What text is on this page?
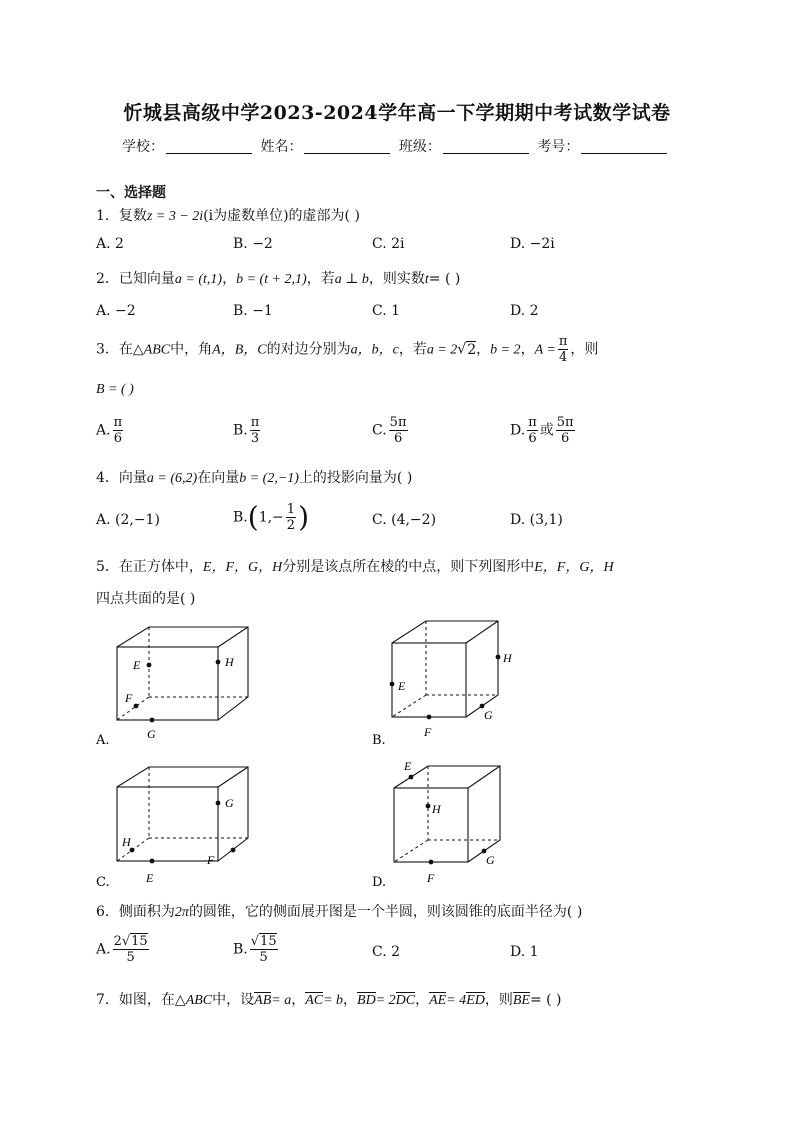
忻城县高级中学2023-2024学年高一下学期期中考试数学试卷
学校：	姓名：	班级：	考号：
一、选择题
1．复数z = 3 − 2i(i为虚数单位)的虚部为( )
A. 2	B. −2	C. 2i	D. −2i
2．已知向量a = (t,1)，b = (t + 2,1)，若a ⊥ b，则实数t= ( )
A. −2	B. −1	C. 1	D. 2
3．在△ABC中，角A，B，C的对边分别为a，b，c，若a = 2√2，b = 2，$A = \frac{\pi}{4}$ ，则
B = ( )
A. $\frac{\pi}{6}$	B. $\frac{\pi}{3}$	C. $\frac{5\pi}{6}$	D. $\frac{\pi}{6}$ 或 $\frac{5\pi}{6}$
4．向量a = (6,2)在向量b = (2,−1)上的投影向量为( )
A. (2,−1)	$B.(1,- \frac{1}{2}$ )	C. (4,−2)	D. (3,1)
5．在正方体中，E，F，G，H分别是该点所在棱的中点，则下列图形中E，F，G，H
四点共面的是( )
E	H
F
G
A.
E
H
G
F
B.
G
H
F
E
C.
E
H
G
F
D.
6．侧面积为2π的圆锥，它的侧面展开图是一个半圆，则该圆锥的底面半径为( )
A. $\frac{2√15}{5}$	B. $\frac{√15}{5}$	C. 2	D. 1
7．如图，在△ABC中，设AB= a，AC= b，BD= 2DC，AE= 4ED，则BE= ( )
